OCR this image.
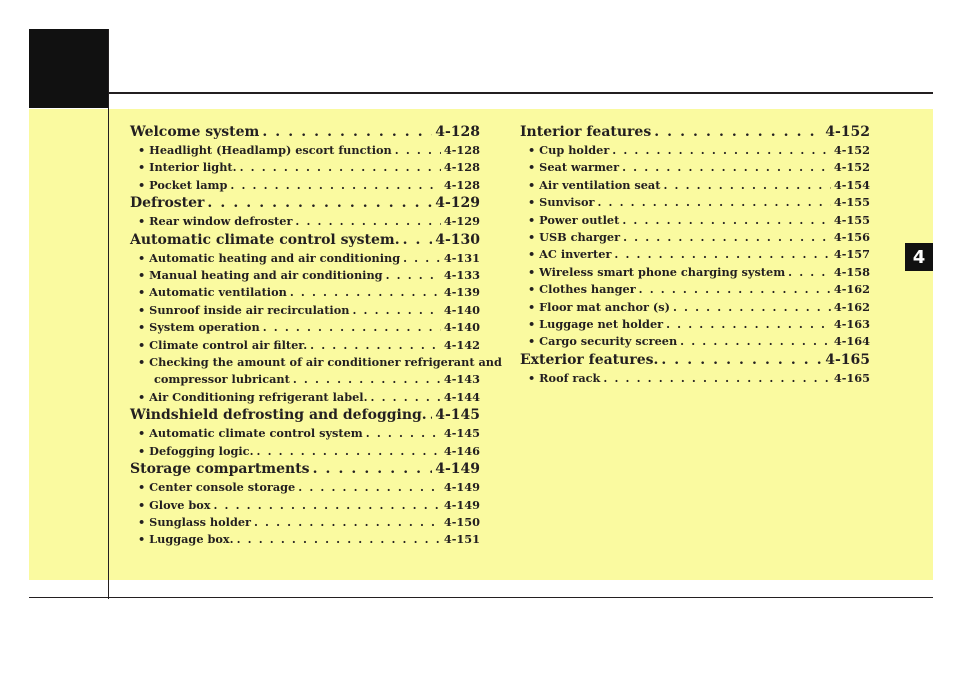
4
Welcome system . . .	4-128
• Headlight (Headlamp) escort function . . .	4-128
• Interior light. . . .	4-128
• Pocket lamp . . .	4-128
Defroster . . .	4-129
• Rear window defroster . . .	4-129
Automatic climate control system. . . .	4-130
• Automatic heating and air conditioning . . .	4-131
• Manual heating and air conditioning . . .	4-133
• Automatic ventilation . . .	4-139
• Sunroof inside air recirculation . . .	4-140
• System operation . . .	4-140
• Climate control air filter. . . .	4-142
• Checking the amount of air conditioner refrigerant and
compressor lubricant . . .	4-143
• Air Conditioning refrigerant label. . . .	4-144
Windshield defrosting and defogging. . . . 4-145
• Automatic climate control system . . .	4-145
• Defogging logic. . . .	4-146
Storage compartments . . .	4-149
• Center console storage . . .	4-149
• Glove box . . .	4-149
• Sunglass holder . . .	4-150
• Luggage box. . . .	4-151
Interior features . . .	4-152
• Cup holder . . .	4-152
• Seat warmer . . .	4-152
• Air ventilation seat . . .	4-154
• Sunvisor . . .	4-155
• Power outlet . . .	4-155
• USB charger . . .	4-156
• AC inverter . . .	4-157
• Wireless smart phone charging system . . .	4-158
• Clothes hanger . . .	4-162
• Floor mat anchor (s) . . .	4-162
• Luggage net holder . . .	4-163
• Cargo security screen . . .	4-164
Exterior features. . . .	4-165
• Roof rack . . .	4-165
